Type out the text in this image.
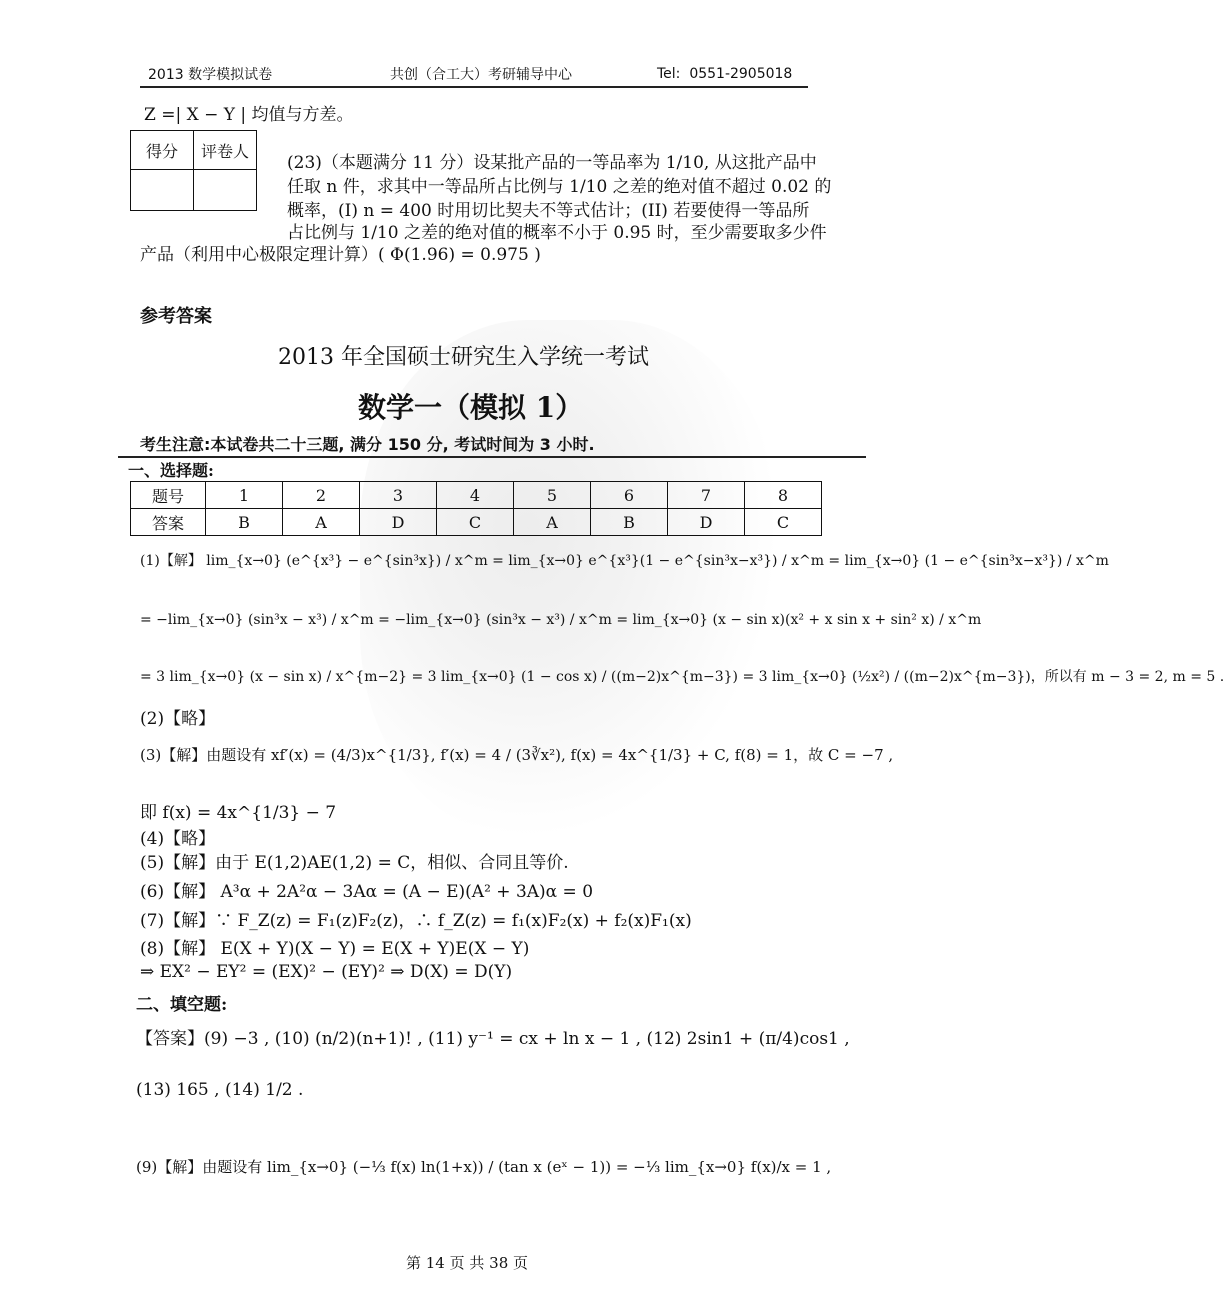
2013 数学模拟试卷	共创（合工大）考研辅导中心	Tel: 0551-2905018
Z =| X − Y | 均值与方差。
得分	评卷人

(23)（本题满分 11 分）设某批产品的一等品率为 1/10, 从这批产品中
任取 n 件，求其中一等品所占比例与 1/10 之差的绝对值不超过 0.02 的
概率，(I) n = 400 时用切比契夫不等式估计；(II) 若要使得一等品所
占比例与 1/10 之差的绝对值的概率不小于 0.95 时，至少需要取多少件
产品（利用中心极限定理计算）( Φ(1.96) = 0.975 )
参考答案
2013 年全国硕士研究生入学统一考试
数学一（模拟 1）
考生注意:本试卷共二十三题, 满分 150 分, 考试时间为 3 小时.
一、选择题:
题号	1	2	3	4	5	6	7	8
答案	B	A	D	C	A	B	D	C
(1)【解】 lim_{x→0} (e^{x³} − e^{sin³x}) / x^m = lim_{x→0} e^{x³}(1 − e^{sin³x−x³}) / x^m = lim_{x→0} (1 − e^{sin³x−x³}) / x^m
= −lim_{x→0} (sin³x − x³) / x^m = −lim_{x→0} (sin³x − x³) / x^m = lim_{x→0} (x − sin x)(x² + x sin x + sin² x) / x^m
= 3 lim_{x→0} (x − sin x) / x^{m−2} = 3 lim_{x→0} (1 − cos x) / ((m−2)x^{m−3}) = 3 lim_{x→0} (½x²) / ((m−2)x^{m−3})，所以有 m − 3 = 2, m = 5 .
(2)【略】
(3)【解】由题设有 xf′(x) = (4/3)x^{1/3}, f′(x) = 4 / (3∛x²), f(x) = 4x^{1/3} + C, f(8) = 1，故 C = −7 ,
即 f(x) = 4x^{1/3} − 7
(4)【略】
(5)【解】由于 E(1,2)AE(1,2) = C，相似、合同且等价.
(6)【解】 A³α + 2A²α − 3Aα = (A − E)(A² + 3A)α = 0
(7)【解】∵ F_Z(z) = F₁(z)F₂(z)，∴ f_Z(z) = f₁(x)F₂(x) + f₂(x)F₁(x)
(8)【解】 E(X + Y)(X − Y) = E(X + Y)E(X − Y)
⇒ EX² − EY² = (EX)² − (EY)² ⇒ D(X) = D(Y)
二、填空题:
【答案】(9) −3 , (10) (n/2)(n+1)! , (11) y⁻¹ = cx + ln x − 1 , (12) 2sin1 + (π/4)cos1 ,
(13) 165 , (14) 1/2 .
(9)【解】由题设有 lim_{x→0} (−⅓ f(x) ln(1+x)) / (tan x (eˣ − 1)) = −⅓ lim_{x→0} f(x)/x = 1 ,
第 14 页 共 38 页
